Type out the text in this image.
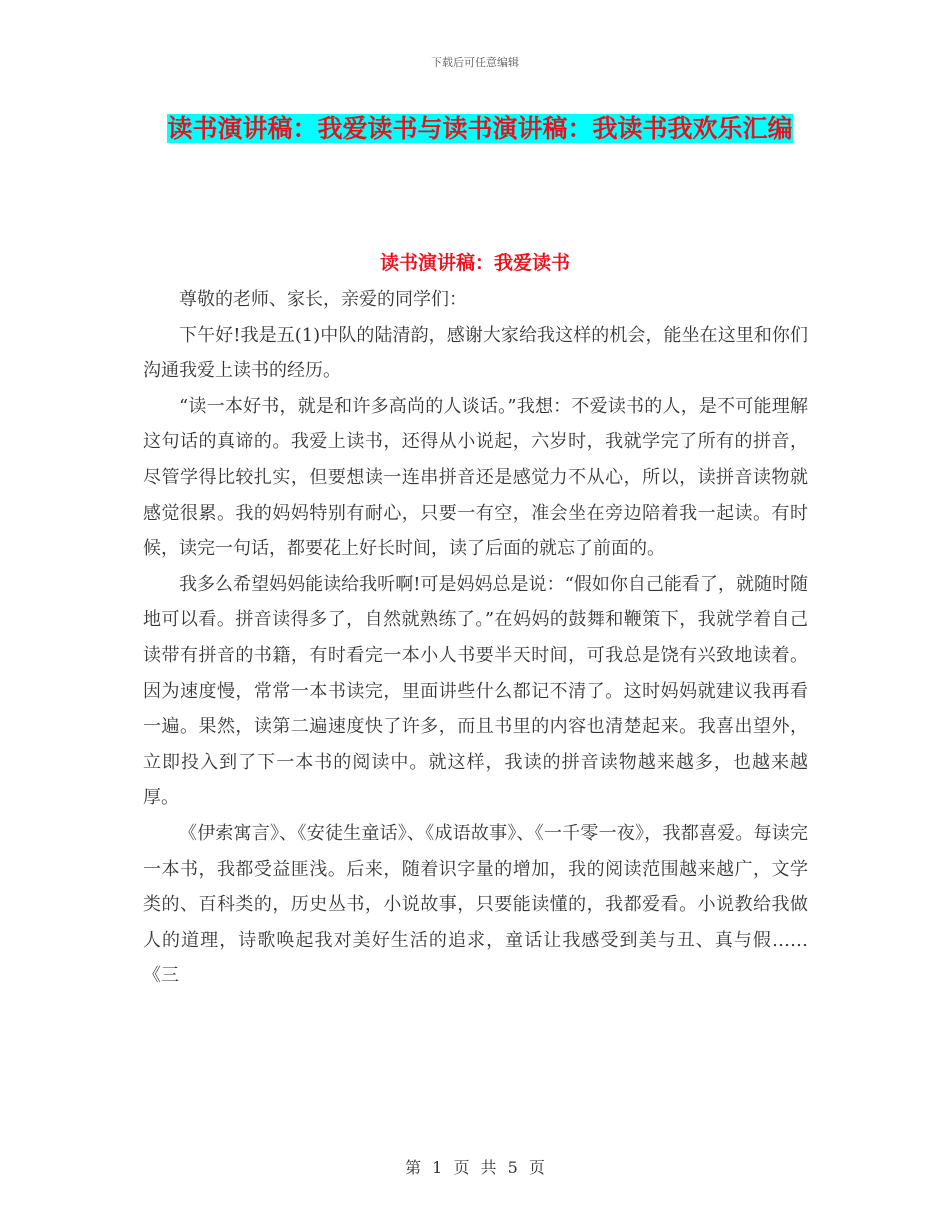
下载后可任意编辑
读书演讲稿：我爱读书与读书演讲稿：我读书我欢乐汇编
读书演讲稿：我爱读书

尊敬的老师、家长，亲爱的同学们：

下午好!我是五(1)中队的陆清韵，感谢大家给我这样的机会，能坐在这里和你们沟通我爱上读书的经历。

“读一本好书，就是和许多高尚的人谈话。”我想：不爱读书的人，是不可能理解这句话的真谛的。我爱上读书，还得从小说起，六岁时，我就学完了所有的拼音，尽管学得比较扎实，但要想读一连串拼音还是感觉力不从心，所以，读拼音读物就感觉很累。我的妈妈特别有耐心，只要一有空，准会坐在旁边陪着我一起读。有时候，读完一句话，都要花上好长时间，读了后面的就忘了前面的。

我多么希望妈妈能读给我听啊!可是妈妈总是说：“假如你自己能看了，就随时随地可以看。拼音读得多了，自然就熟练了。”在妈妈的鼓舞和鞭策下，我就学着自己读带有拼音的书籍，有时看完一本小人书要半天时间，可我总是饶有兴致地读着。因为速度慢，常常一本书读完，里面讲些什么都记不清了。这时妈妈就建议我再看一遍。果然，读第二遍速度快了许多，而且书里的内容也清楚起来。我喜出望外，立即投入到了下一本书的阅读中。就这样，我读的拼音读物越来越多，也越来越厚。

《伊索寓言》、《安徒生童话》、《成语故事》、《一千零一夜》，我都喜爱。每读完一本书，我都受益匪浅。后来，随着识字量的增加，我的阅读范围越来越广，文学类的、百科类的，历史丛书，小说故事，只要能读懂的，我都爱看。小说教给我做人的道理，诗歌唤起我对美好生活的追求，童话让我感受到美与丑、真与假……《三

第 1 页 共 5 页
